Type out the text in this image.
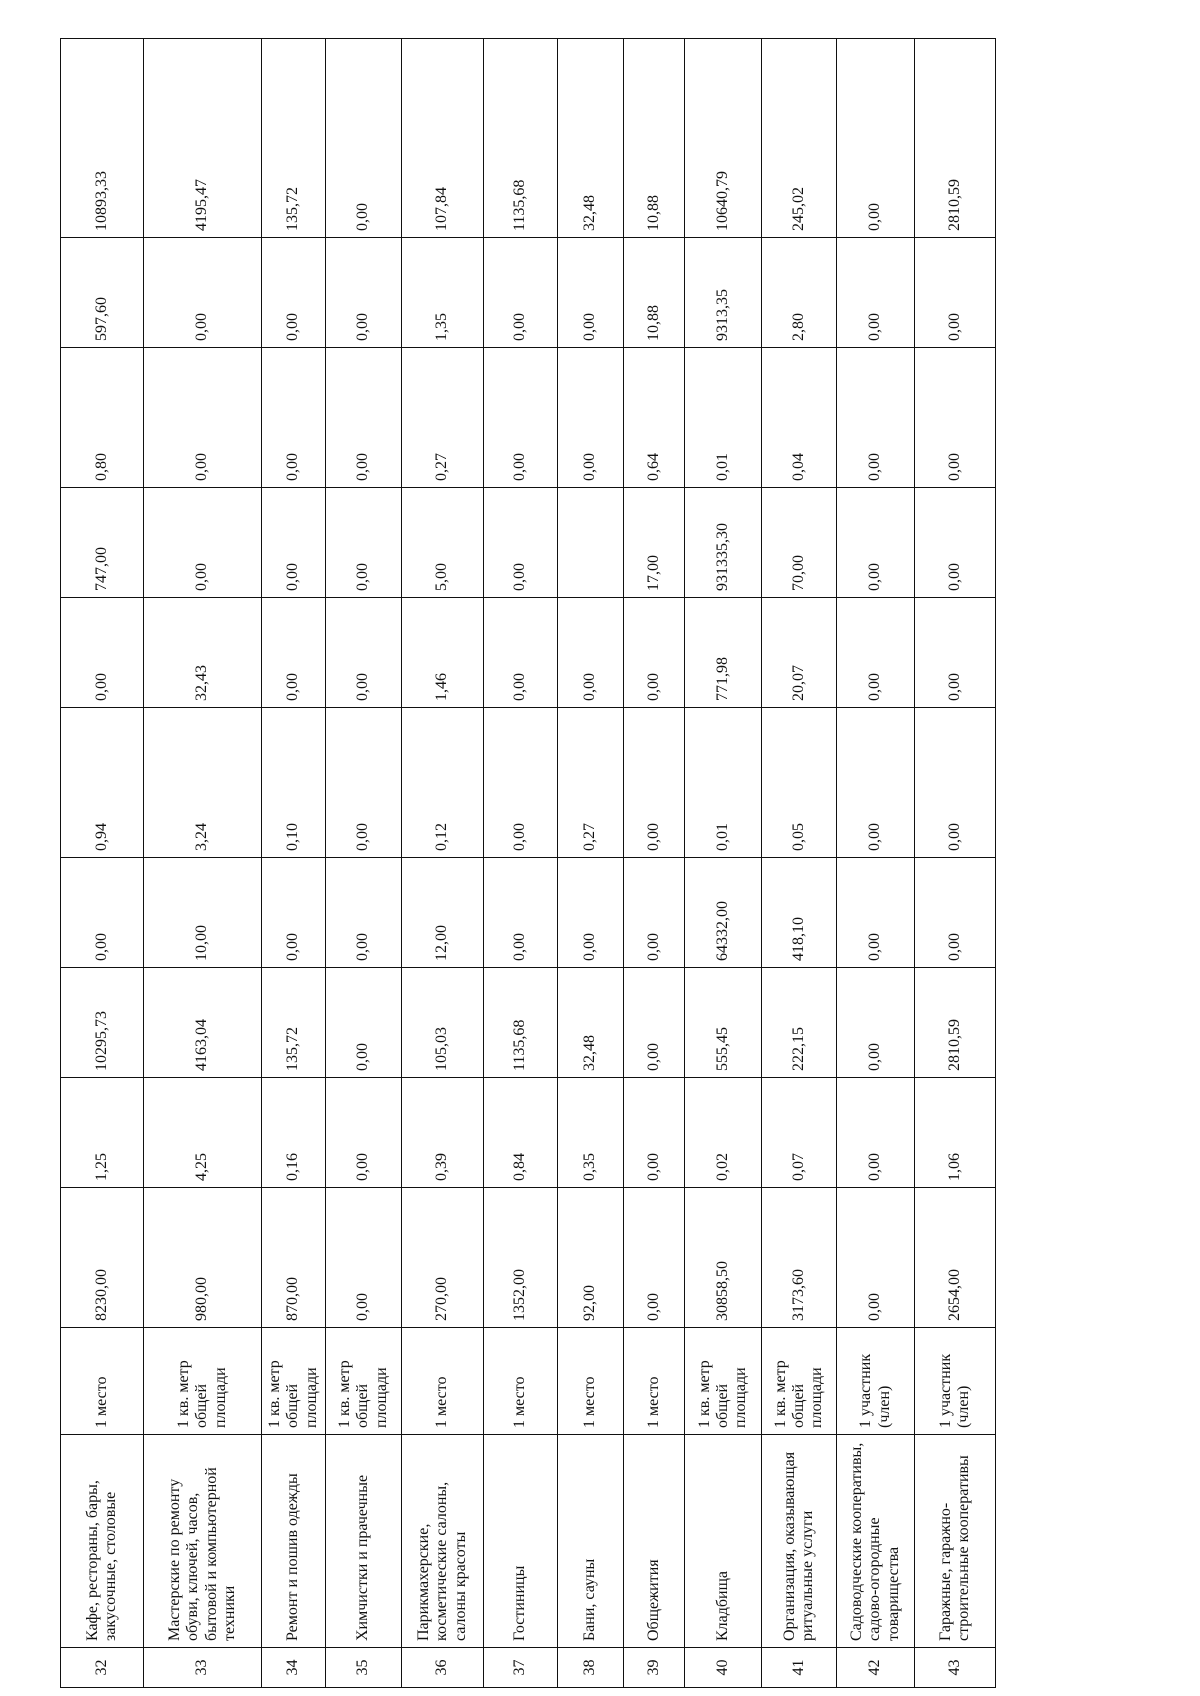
32	Кафе, рестораны, бары, закусочные, столовые	1 место	8230,00	1,25	10295,73	0,00	0,94	0,00	747,00	0,80	597,60	10893,33
33	Мастерские по ремонту обуви, ключей, часов, бытовой и компьютерной техники	1 кв. метр общей площади	980,00	4,25	4163,04	10,00	3,24	32,43	0,00	0,00	0,00	4195,47
34	Ремонт и пошив одежды	1 кв. метр общей площади	870,00	0,16	135,72	0,00	0,10	0,00	0,00	0,00	0,00	135,72
35	Химчистки и прачечные	1 кв. метр общей площади	0,00	0,00	0,00	0,00	0,00	0,00	0,00	0,00	0,00	0,00
36	Парикмахерские, косметические салоны, салоны красоты	1 место	270,00	0,39	105,03	12,00	0,12	1,46	5,00	0,27	1,35	107,84
37	Гостиницы	1 место	1352,00	0,84	1135,68	0,00	0,00	0,00	0,00	0,00	0,00	1135,68
38	Бани, сауны	1 место	92,00	0,35	32,48	0,00	0,27	0,00		0,00	0,00	32,48
39	Общежития	1 место	0,00	0,00	0,00	0,00	0,00	0,00	17,00	0,64	10,88	10,88
40	Кладбища	1 кв. метр общей площади	30858,50	0,02	555,45	64332,00	0,01	771,98	931335,30	0,01	9313,35	10640,79
41	Организация, оказывающая ритуальные услуги	1 кв. метр общей площади	3173,60	0,07	222,15	418,10	0,05	20,07	70,00	0,04	2,80	245,02
42	Садоводческие кооперативы, садово-огородные товарищества	1 участник (член)	0,00	0,00	0,00	0,00	0,00	0,00	0,00	0,00	0,00	0,00
43	Гаражные, гаражно-строительные кооперативы	1 участник (член)	2654,00	1,06	2810,59	0,00	0,00	0,00	0,00	0,00	0,00	2810,59
